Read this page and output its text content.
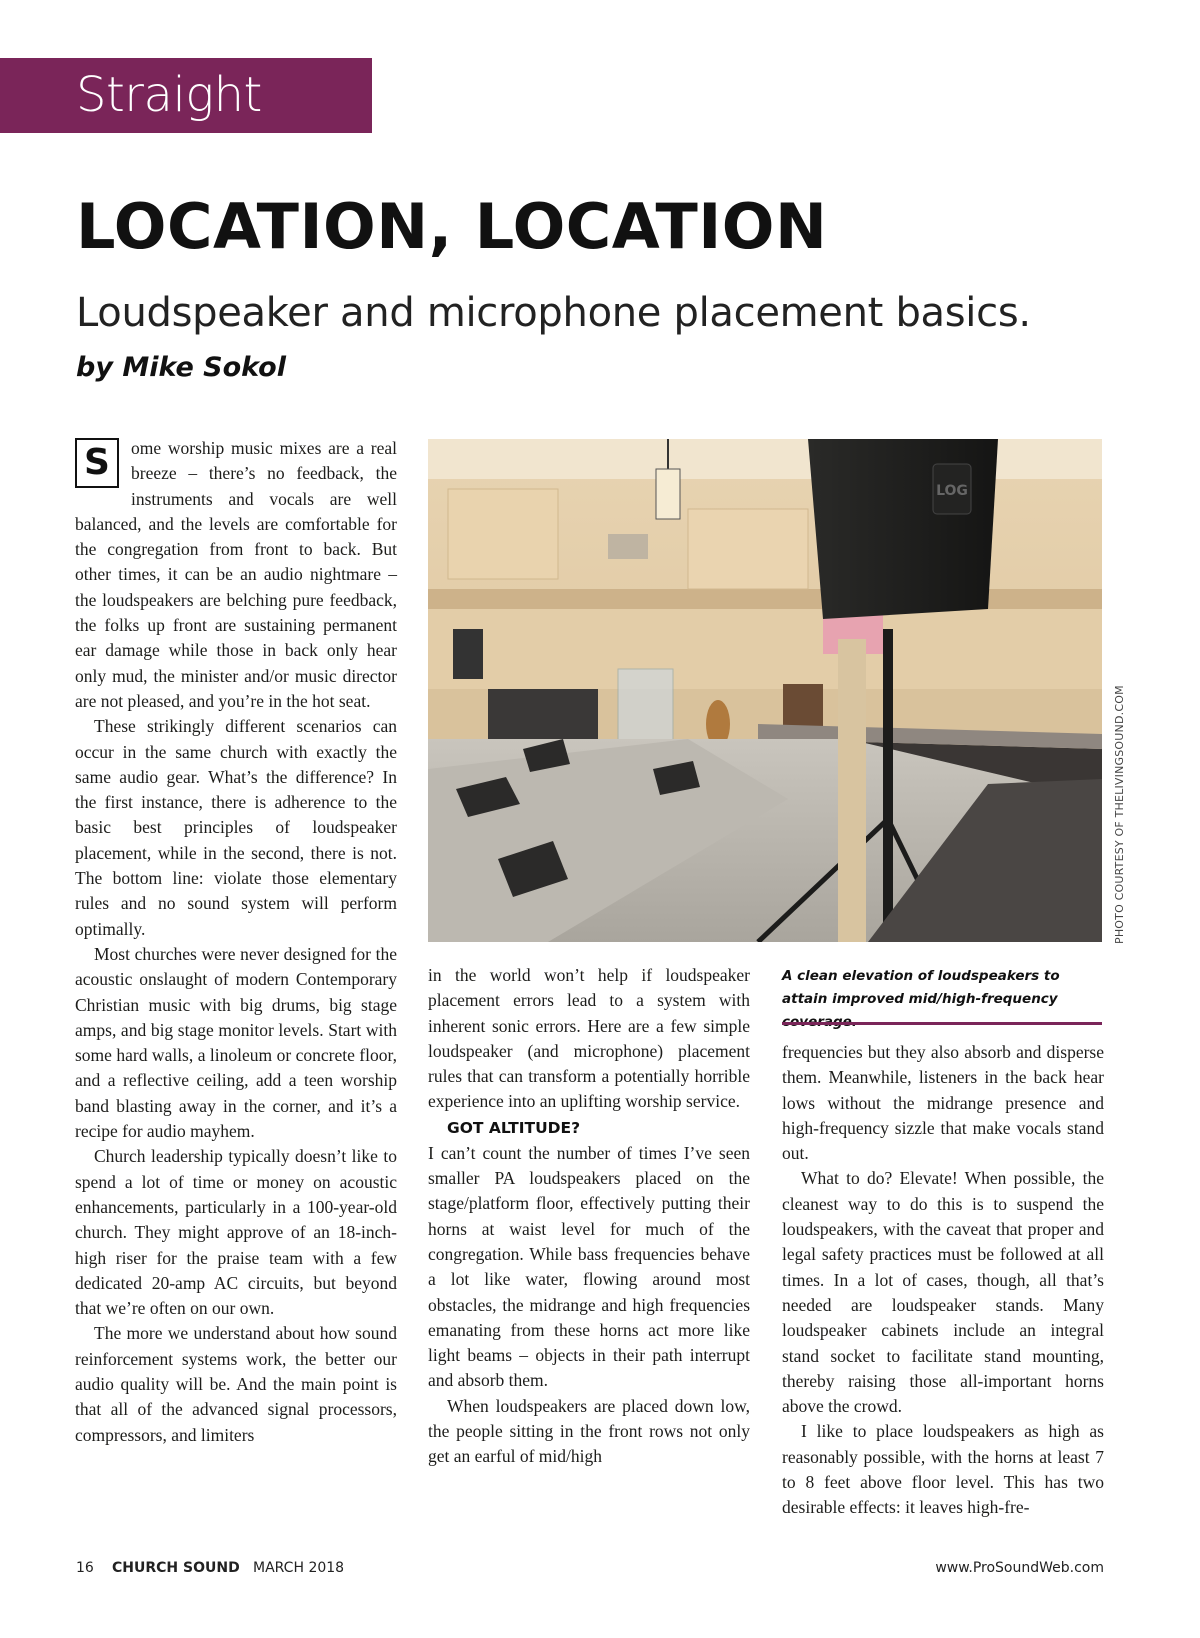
Straight Path
LOCATION, LOCATION
Loudspeaker and microphone placement basics.
by Mike Sokol

S	ome worship music mixes are a real breeze – there’s no feedback, the instruments and vocals are well balanced, and the levels are comfortable for the congregation from front to back. But other times, it can be an audio nightmare – the loudspeakers are belching pure feedback, the folks up front are sustaining permanent ear damage while those in back only hear only mud, the minister and/or music director are not pleased, and you’re in the hot seat.

These strikingly different scenarios can occur in the same church with exactly the same audio gear. What’s the difference? In the first instance, there is adherence to the basic best principles of loudspeaker placement, while in the second, there is not. The bottom line: violate those elementary rules and no sound system will perform optimally.

Most churches were never designed for the acoustic onslaught of modern Contemporary Christian music with big drums, big stage amps, and big stage monitor levels. Start with some hard walls, a linoleum or concrete floor, and a reflective ceiling, add a teen worship band blasting away in the corner, and it’s a recipe for audio mayhem.

Church leadership typically doesn’t like to spend a lot of time or money on acoustic enhancements, particularly in a 100-year-old church. They might approve of an 18-inch-high riser for the praise team with a few dedicated 20-amp AC circuits, but beyond that we’re often on our own.

The more we understand about how sound reinforcement systems work, the better our audio quality will be. And the main point is that all of the advanced signal processors, compressors, and limiters

LOG
PHOTO COURTESY OF THELIVINGSOUND.COM

in the world won’t help if loudspeaker placement errors lead to a system with inherent sonic errors. Here are a few simple loudspeaker (and microphone) placement rules that can transform a potentially horrible experience into an uplifting worship service.

GOT ALTITUDE?

I can’t count the number of times I’ve seen smaller PA loudspeakers placed on the stage/platform floor, effectively putting their horns at waist level for much of the congregation. While bass frequencies behave a lot like water, flowing around most obstacles, the midrange and high frequencies emanating from these horns act more like light beams – objects in their path interrupt and absorb them.

When loudspeakers are placed down low, the people sitting in the front rows not only get an earful of mid/high

A clean elevation of loudspeakers to attain improved mid/high-frequency

frequencies but they also absorb and disperse them. Meanwhile, listeners in the back hear lows without the midrange presence and high-frequency sizzle that make vocals stand out.

What to do? Elevate! When possible, the cleanest way to do this is to suspend the loudspeakers, with the caveat that proper and legal safety practices must be followed at all times. In a lot of cases, though, all that’s needed are loudspeaker stands. Many loudspeaker cabinets include an integral stand socket to facilitate stand mounting, thereby raising those all-important horns above the crowd.

I like to place loudspeakers as high as reasonably possible, with the horns at least 7 to 8 feet above floor level. This has two desirable effects: it leaves high-fre-

16 CHURCH SOUND MARCH 2018	www.ProSoundWeb.com
